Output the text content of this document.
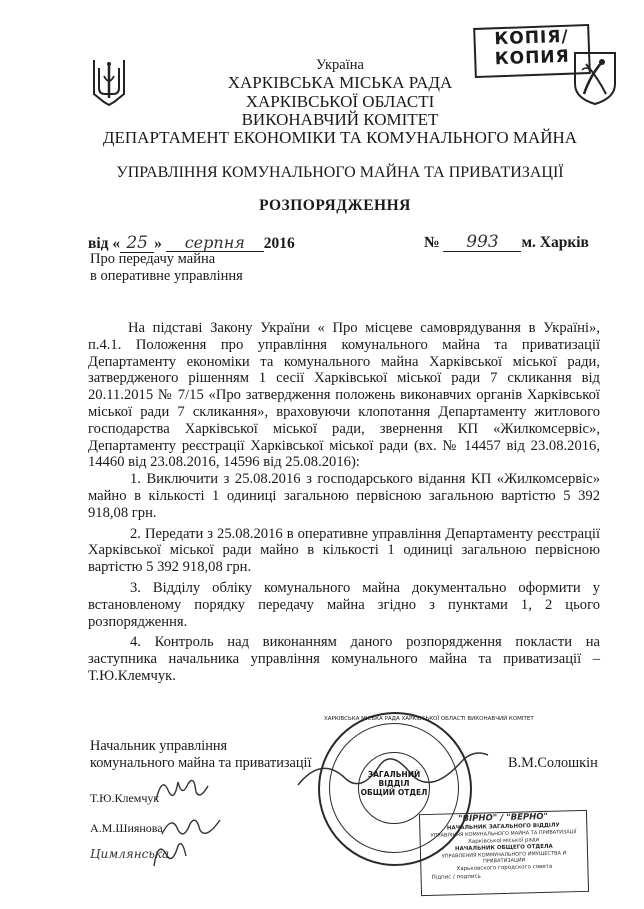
КОПІЯ/
КОПИЯ
Україна
ХАРКІВСЬКА МІСЬКА РАДА
ХАРКІВСЬКОЇ ОБЛАСТІ
ВИКОНАВЧИЙ КОМІТЕТ
ДЕПАРТАМЕНТ ЕКОНОМІКИ ТА КОМУНАЛЬНОГО МАЙНА
УПРАВЛІННЯ КОМУНАЛЬНОГО МАЙНА ТА ПРИВАТИЗАЦІЇ
РОЗПОРЯДЖЕННЯ
від « 25 » серпня 2016	№ 993 м. Харків
Про передачу майна
в оперативне управління

На підставі Закону України « Про місцеве самоврядування в Україні», п.4.1. Положення про управління комунального майна та приватизації Департаменту економіки та комунального майна Харківської міської ради, затвердженого рішенням 1 сесії Харківської міської ради 7 скликання від 20.11.2015 № 7/15 «Про затвердження положень виконавчих органів Харківської міської ради 7 скликання», враховуючи клопотання Департаменту житлового господарства Харківської міської ради, звернення КП «Жилкомсервіс», Департаменту реєстрації Харківської міської ради (вх. № 14457 від 23.08.2016, 14460 від 23.08.2016, 14596 від 25.08.2016):

1. Виключити з 25.08.2016 з господарського відання КП «Жилкомсервіс» майно в кількості 1 одиниці загальною первісною загальною вартістю 5 392 918,08 грн.

2. Передати з 25.08.2016 в оперативне управління Департаменту реєстрації Харківської міської ради майно в кількості 1 одиниці загальною первісною вартістю 5 392 918,08 грн.

3. Відділу обліку комунального майна документально оформити у встановленому порядку передачу майна згідно з пунктами 1, 2 цього розпорядження.

4. Контроль над виконанням даного розпорядження покласти на заступника начальника управління комунального майна та приватизації – Т.Ю.Клемчук.

Начальник управління
комунального майна та приватизації	В.М.Солошкін
Т.Ю.Клемчук
А.М.Шиянова
Цимлянська
ХАРКІВСЬКА МІСЬКА РАДА ХАРКІВСЬКОЇ ОБЛАСТІ ВИКОНАВЧИЙ КОМІТЕТ
ЗАГАЛЬНИЙ
ВІДДІЛ
ОБЩИЙ ОТДЕЛ
"ВІРНО" / "ВЕРНО"
НАЧАЛЬНИК ЗАГАЛЬНОГО ВІДДІЛУ
УПРАВЛІННЯ КОМУНАЛЬНОГО МАЙНА ТА ПРИВАТИЗАЦІЇ
Харківської міської ради
НАЧАЛЬНИК ОБЩЕГО ОТДЕЛА
УПРАВЛЕНИЯ КОММУНАЛЬНОГО ИМУЩЕСТВА И ПРИВАТИЗАЦИИ
Харьковского городского совета
Підпис / подпись
